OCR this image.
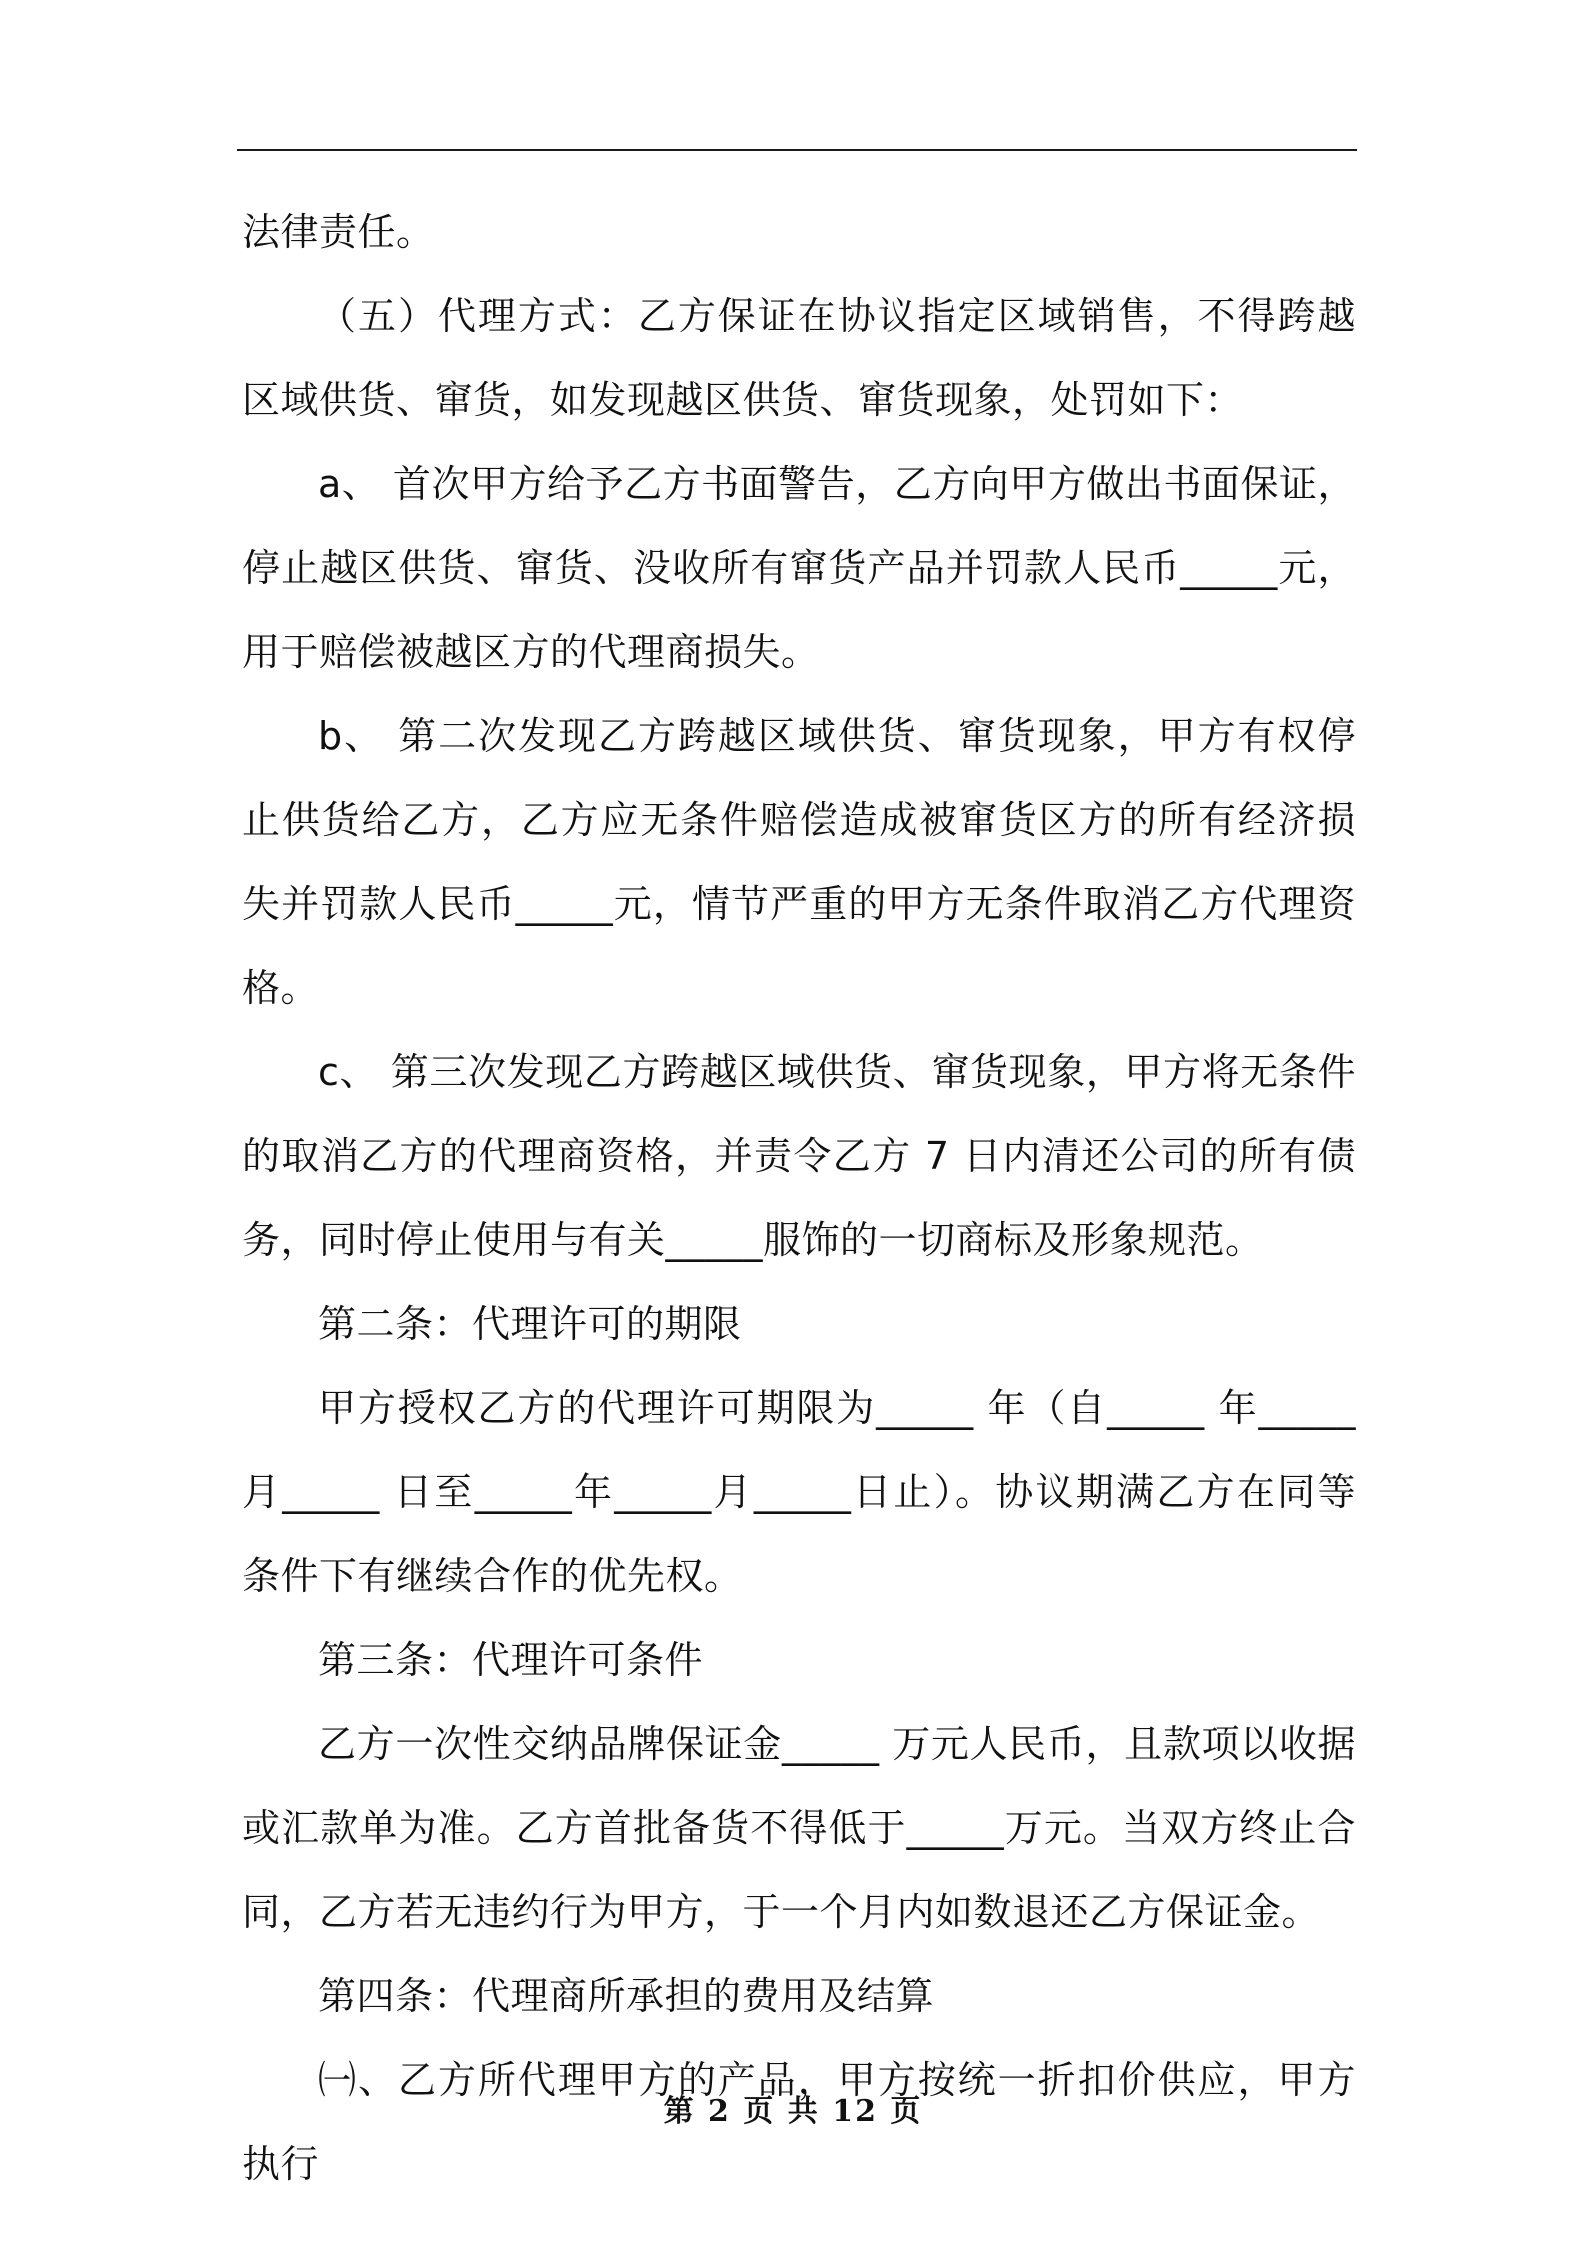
法律责任。

（五）代理方式：乙方保证在协议指定区域销售，不得跨越区域供货、窜货，如发现越区供货、窜货现象，处罚如下：

a、 首次甲方给予乙方书面警告，乙方向甲方做出书面保证，停止越区供货、窜货、没收所有窜货产品并罚款人民币_____元，用于赔偿被越区方的代理商损失。

b、 第二次发现乙方跨越区域供货、窜货现象，甲方有权停止供货给乙方，乙方应无条件赔偿造成被窜货区方的所有经济损失并罚款人民币_____元，情节严重的甲方无条件取消乙方代理资格。

c、 第三次发现乙方跨越区域供货、窜货现象，甲方将无条件的取消乙方的代理商资格，并责令乙方 7 日内清还公司的所有债务，同时停止使用与有关_____服饰的一切商标及形象规范。

第二条：代理许可的期限

甲方授权乙方的代理许可期限为_____ 年（自_____ 年_____月_____ 日至_____年_____月_____日止）。协议期满乙方在同等条件下有继续合作的优先权。

第三条：代理许可条件

乙方一次性交纳品牌保证金_____ 万元人民币，且款项以收据或汇款单为准。乙方首批备货不得低于_____万元。当双方终止合同，乙方若无违约行为甲方，于一个月内如数退还乙方保证金。

第四条：代理商所承担的费用及结算

㈠、乙方所代理甲方的产品，甲方按统一折扣价供应，甲方执行

第 2 页 共 12 页
